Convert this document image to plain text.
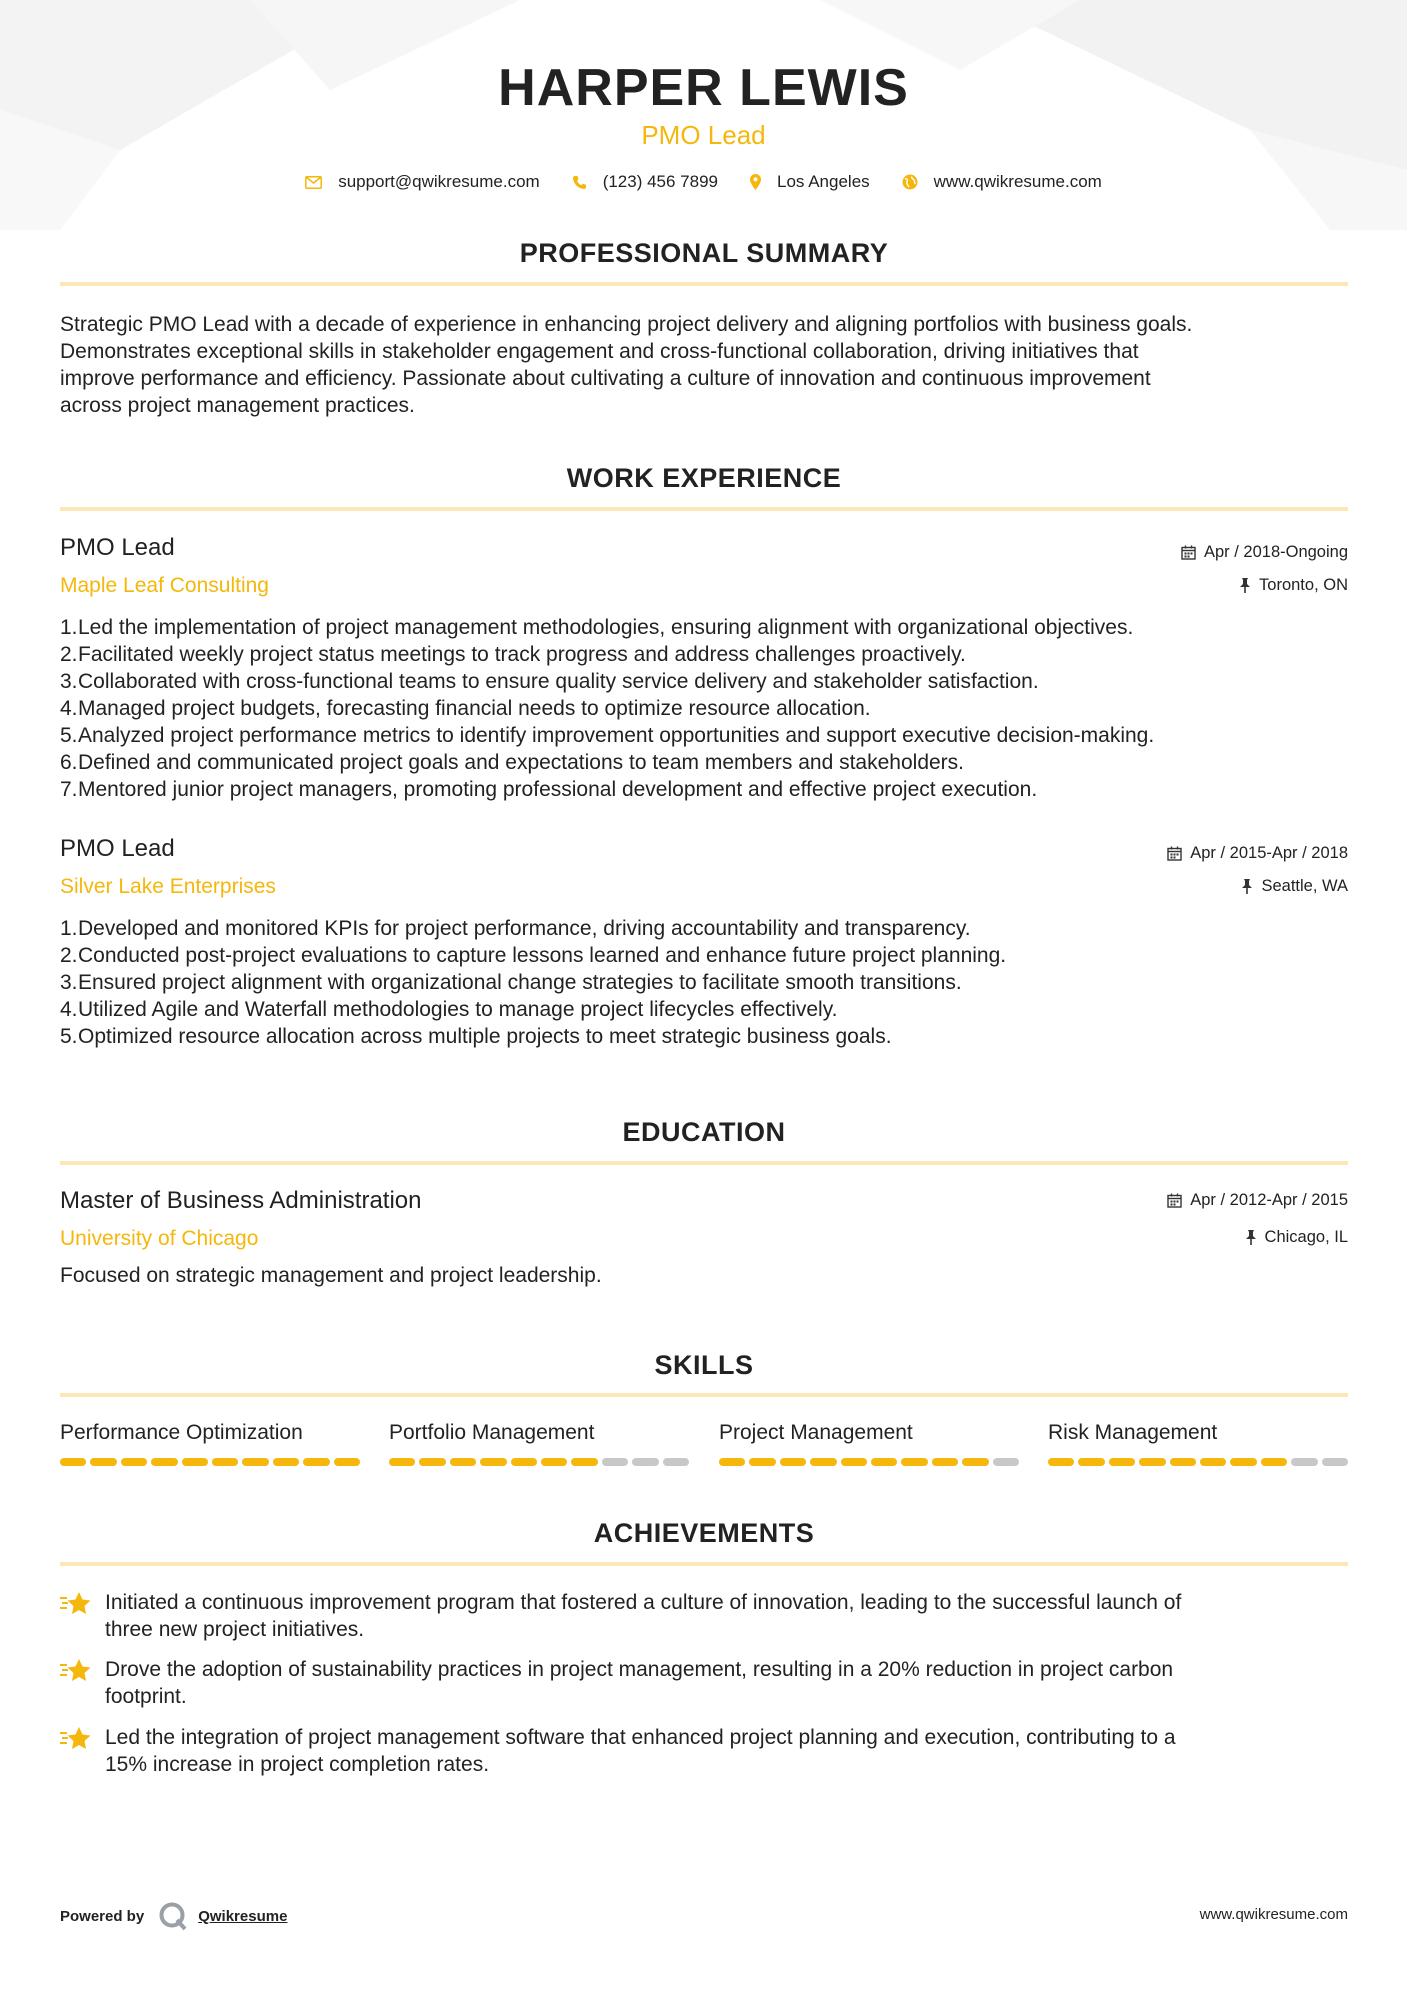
HARPER LEWIS
PMO Lead
support@qwikresume.com	(123) 456 7899	Los Angeles	www.qwikresume.com
PROFESSIONAL SUMMARY
Strategic PMO Lead with a decade of experience in enhancing project delivery and aligning portfolios with business goals.
Demonstrates exceptional skills in stakeholder engagement and cross-functional collaboration, driving initiatives that
improve performance and efficiency. Passionate about cultivating a culture of innovation and continuous improvement
across project management practices.
WORK EXPERIENCE
PMO Lead
Maple Leaf Consulting
Apr / 2018-Ongoing
Toronto, ON
1. Led the implementation of project management methodologies, ensuring alignment with organizational objectives.
2. Facilitated weekly project status meetings to track progress and address challenges proactively.
3. Collaborated with cross-functional teams to ensure quality service delivery and stakeholder satisfaction.
4. Managed project budgets, forecasting financial needs to optimize resource allocation.
5. Analyzed project performance metrics to identify improvement opportunities and support executive decision-making.
6. Defined and communicated project goals and expectations to team members and stakeholders.
7. Mentored junior project managers, promoting professional development and effective project execution.
PMO Lead
Silver Lake Enterprises
Apr / 2015-Apr / 2018
Seattle, WA
1. Developed and monitored KPIs for project performance, driving accountability and transparency.
2. Conducted post-project evaluations to capture lessons learned and enhance future project planning.
3. Ensured project alignment with organizational change strategies to facilitate smooth transitions.
4. Utilized Agile and Waterfall methodologies to manage project lifecycles effectively.
5. Optimized resource allocation across multiple projects to meet strategic business goals.
EDUCATION
Master of Business Administration
University of Chicago
Apr / 2012-Apr / 2015
Chicago, IL
Focused on strategic management and project leadership.
SKILLS
Performance Optimization	Portfolio Management	Project Management	Risk Management
ACHIEVEMENTS
Initiated a continuous improvement program that fostered a culture of innovation, leading to the successful launch of
three new project initiatives.
Drove the adoption of sustainability practices in project management, resulting in a 20% reduction in project carbon
footprint.
Led the integration of project management software that enhanced project planning and execution, contributing to a
15% increase in project completion rates.
Powered by	Qwikresume	www.qwikresume.com
